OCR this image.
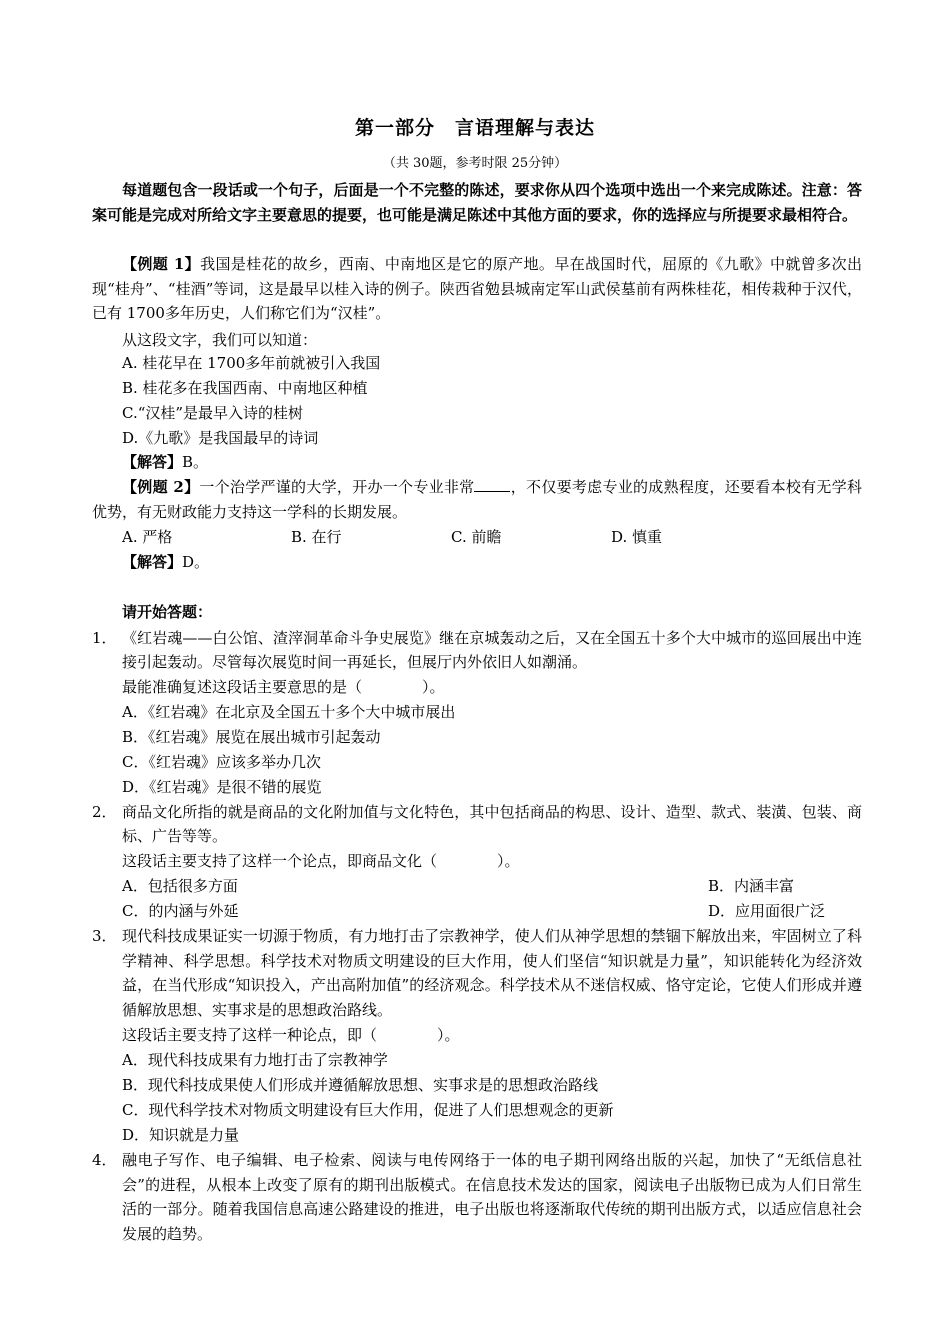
第一部分　言语理解与表达
（共 30题，参考时限 25分钟）
每道题包含一段话或一个句子，后面是一个不完整的陈述，要求你从四个选项中选出一个来完成陈述。注意：答案可能是完成对所给文字主要意思的提要，也可能是满足陈述中其他方面的要求，你的选择应与所提要求最相符合。
【例题 1】我国是桂花的故乡，西南、中南地区是它的原产地。早在战国时代，屈原的《九歌》中就曾多次出现“桂舟”、“桂酒”等词，这是最早以桂入诗的例子。陕西省勉县城南定军山武侯墓前有两株桂花，相传栽种于汉代，已有 1700多年历史，人们称它们为“汉桂”。
从这段文字，我们可以知道：
A. 桂花早在 1700多年前就被引入我国
B. 桂花多在我国西南、中南地区种植
C.“汉桂”是最早入诗的桂树
D.《九歌》是我国最早的诗词
【解答】B。
【例题 2】一个治学严谨的大学，开办一个专业非常 ，不仅要考虑专业的成熟程度，还要看本校有无学科优势，有无财政能力支持这一学科的长期发展。
A. 严格	B. 在行	C. 前瞻	D. 慎重
【解答】D。
请开始答题：
1． 《红岩魂——白公馆、渣滓洞革命斗争史展览》继在京城轰动之后，又在全国五十多个大中城市的巡回展出中连接引起轰动。尽管每次展览时间一再延长，但展厅内外依旧人如潮涌。
最能准确复述这段话主要意思的是（　　　　）。
A．《红岩魂》在北京及全国五十多个大中城市展出
B．《红岩魂》展览在展出城市引起轰动
C．《红岩魂》应该多举办几次
D．《红岩魂》是很不错的展览
2． 商品文化所指的就是商品的文化附加值与文化特色，其中包括商品的构思、设计、造型、款式、装潢、包装、商标、广告等等。
这段话主要支持了这样一个论点，即商品文化（　　　　）。
A．包括很多方面	B．内涵丰富
C．的内涵与外延	D．应用面很广泛
3． 现代科技成果证实一切源于物质，有力地打击了宗教神学，使人们从神学思想的禁锢下解放出来，牢固树立了科学精神、科学思想。科学技术对物质文明建设的巨大作用，使人们坚信“知识就是力量”，知识能转化为经济效益，在当代形成“知识投入，产出高附加值”的经济观念。科学技术从不迷信权威、恪守定论，它使人们形成并遵循解放思想、实事求是的思想政治路线。
这段话主要支持了这样一种论点，即（　　　　）。
A．现代科技成果有力地打击了宗教神学
B．现代科技成果使人们形成并遵循解放思想、实事求是的思想政治路线
C．现代科学技术对物质文明建设有巨大作用，促进了人们思想观念的更新
D．知识就是力量
4． 融电子写作、电子编辑、电子检索、阅读与电传网络于一体的电子期刊网络出版的兴起，加快了“无纸信息社会”的进程，从根本上改变了原有的期刊出版模式。在信息技术发达的国家，阅读电子出版物已成为人们日常生活的一部分。随着我国信息高速公路建设的推进，电子出版也将逐渐取代传统的期刊出版方式，以适应信息社会发展的趋势。
